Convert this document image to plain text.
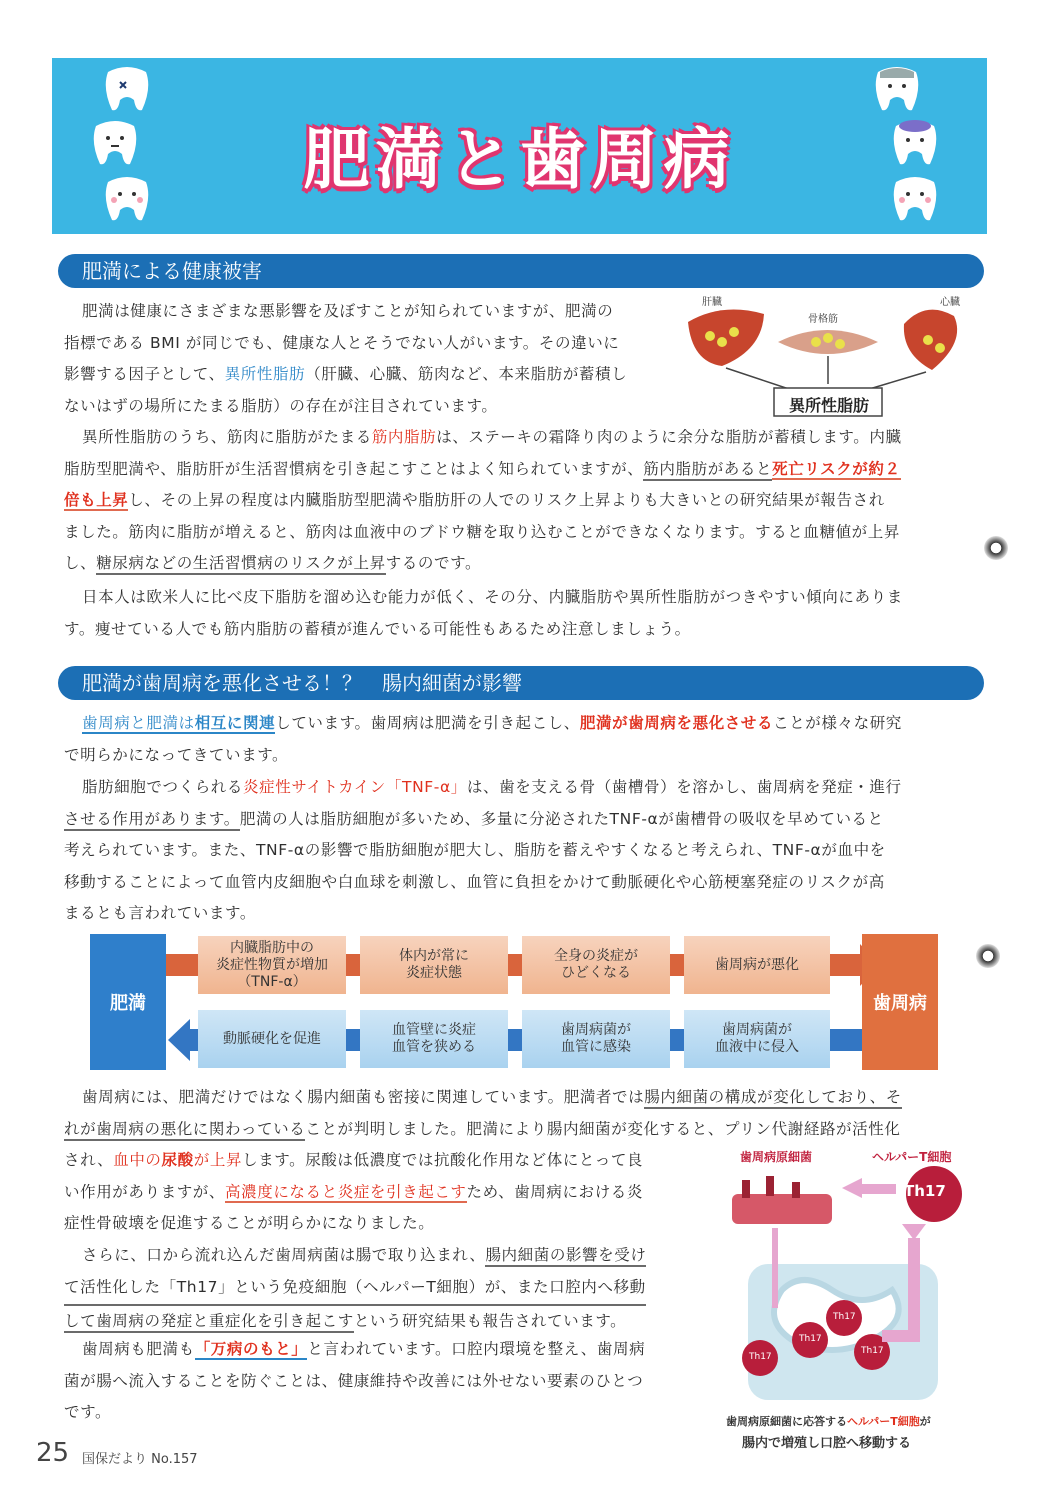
肥満と歯周病
肥満による健康被害
肝臓
骨格筋
心臓
異所性脂肪
肥満は健康にさまざまな悪影響を及ぼすことが知られていますが、肥満の
指標である BMI が同じでも、健康な人とそうでない人がいます。その違いに
影響する因子として、異所性脂肪（肝臓、心臓、筋肉など、本来脂肪が蓄積し
ないはずの場所にたまる脂肪）の存在が注目されています。
異所性脂肪のうち、筋肉に脂肪がたまる筋内脂肪は、ステーキの霜降り肉のように余分な脂肪が蓄積します。内臓
脂肪型肥満や、脂肪肝が生活習慣病を引き起こすことはよく知られていますが、筋内脂肪があると死亡リスクが約２
倍も上昇し、その上昇の程度は内臓脂肪型肥満や脂肪肝の人でのリスク上昇よりも大きいとの研究結果が報告され
ました。筋肉に脂肪が増えると、筋肉は血液中のブドウ糖を取り込むことができなくなります。すると血糖値が上昇
し、糖尿病などの生活習慣病のリスクが上昇するのです。
日本人は欧米人に比べ皮下脂肪を溜め込む能力が低く、その分、内臓脂肪や異所性脂肪がつきやすい傾向にありま
す。痩せている人でも筋内脂肪の蓄積が進んでいる可能性もあるため注意しましょう。
肥満が歯周病を悪化させる！？　腸内細菌が影響
歯周病と肥満は相互に関連しています。歯周病は肥満を引き起こし、肥満が歯周病を悪化させることが様々な研究
で明らかになってきています。
脂肪細胞でつくられる炎症性サイトカイン「TNF-α」は、歯を支える骨（歯槽骨）を溶かし、歯周病を発症・進行
させる作用があります。肥満の人は脂肪細胞が多いため、多量に分泌されたTNF-αが歯槽骨の吸収を早めていると
考えられています。また、TNF-αの影響で脂肪細胞が肥大し、脂肪を蓄えやすくなると考えられ、TNF-αが血中を
移動することによって血管内皮細胞や白血球を刺激し、血管に負担をかけて動脈硬化や心筋梗塞発症のリスクが高
まるとも言われています。
肥満	歯周病
内臓脂肪中の
炎症性物質が増加
（TNF-α）
体内が常に
炎症状態
全身の炎症が
ひどくなる
歯周病が悪化
動脈硬化を促進
血管壁に炎症
血管を狭める
歯周病菌が
血管に感染
歯周病菌が
血液中に侵入
歯周病には、肥満だけではなく腸内細菌も密接に関連しています。肥満者では腸内細菌の構成が変化しており、そ
れが歯周病の悪化に関わっていることが判明しました。肥満により腸内細菌が変化すると、プリン代謝経路が活性化
され、血中の尿酸が上昇します。尿酸は低濃度では抗酸化作用など体にとって良
い作用がありますが、高濃度になると炎症を引き起こすため、歯周病における炎
症性骨破壊を促進することが明らかになりました。
さらに、口から流れ込んだ歯周病菌は腸で取り込まれ、腸内細菌の影響を受け
て活性化した「Th17」という免疫細胞（ヘルパーT細胞）が、また口腔内へ移動
して歯周病の発症と重症化を引き起こすという研究結果も報告されています。
歯周病も肥満も「万病のもと」と言われています。口腔内環境を整え、歯周病
菌が腸へ流入することを防ぐことは、健康維持や改善には外せない要素のひとつ
です。
歯周病原細菌	ヘルパーT細胞
Th17
Th17
Th17
Th17
Th17
歯周病原細菌に応答するヘルパーT細胞が
腸内で増殖し口腔へ移動する
25 国保だより No.157
